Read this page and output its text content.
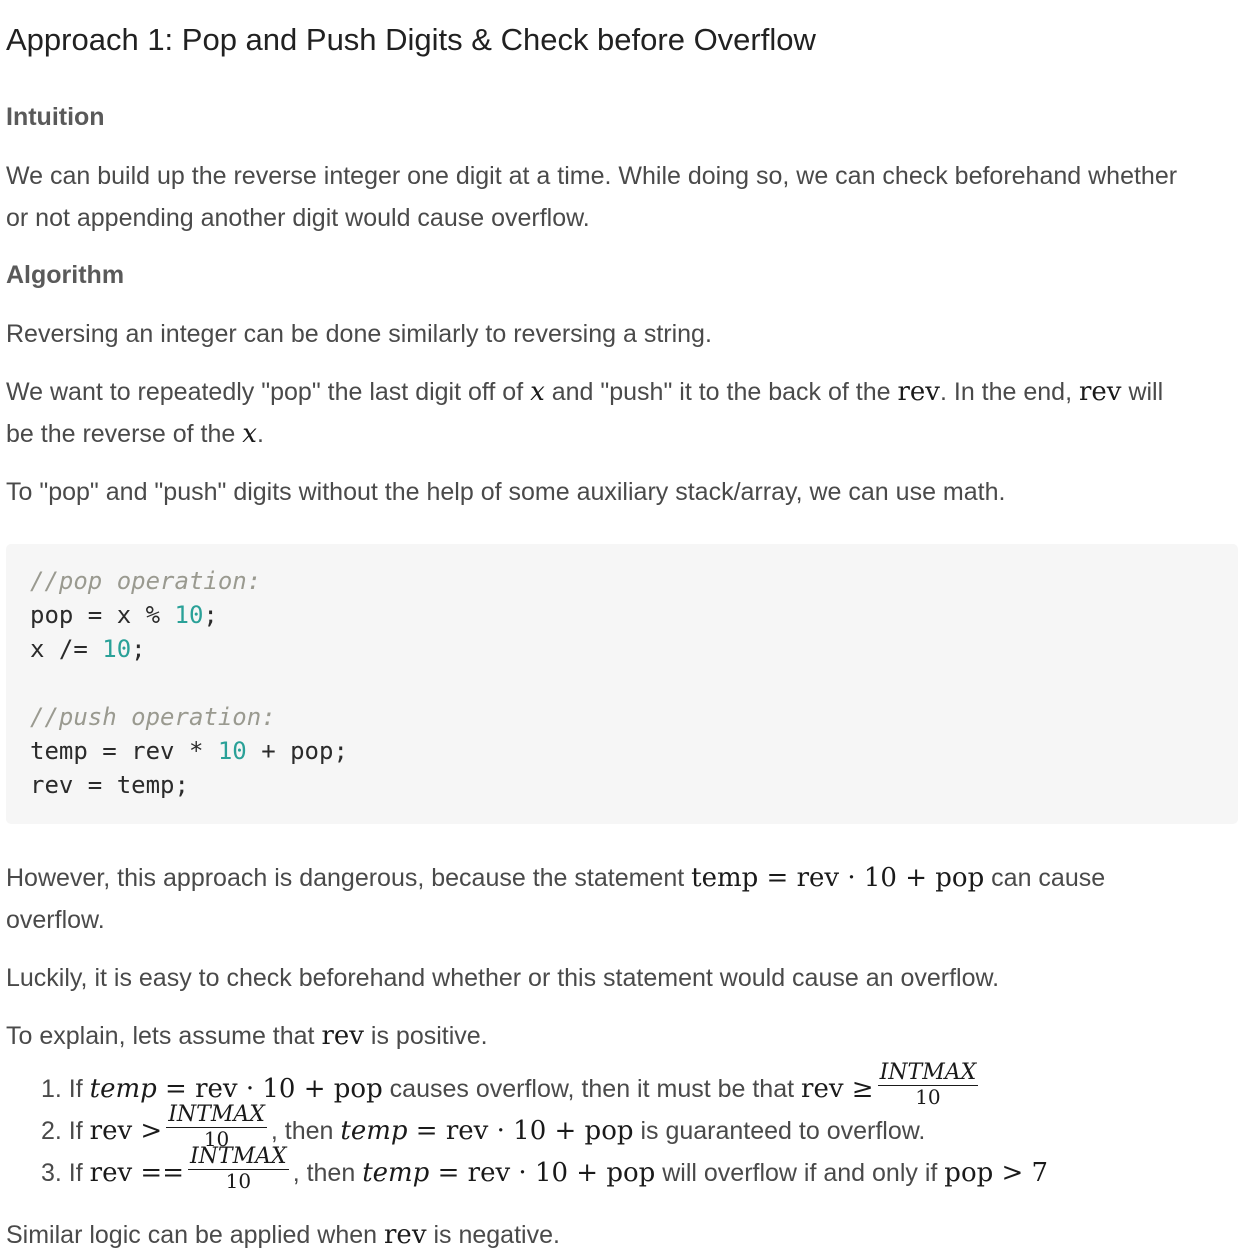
Approach 1: Pop and Push Digits & Check before Overflow
Intuition
We can build up the reverse integer one digit at a time. While doing so, we can check beforehand whether
or not appending another digit would cause overflow.
Algorithm
Reversing an integer can be done similarly to reversing a string.
We want to repeatedly "pop" the last digit off of x and "push" it to the back of the rev. In the end, rev will
be the reverse of the x.
To "pop" and "push" digits without the help of some auxiliary stack/array, we can use math.
//pop operation:
pop = x % 10;
x /= 10;

//push operation:
temp = rev * 10 + pop;
rev = temp;
However, this approach is dangerous, because the statement temp = rev · 10 + pop can cause
overflow.
Luckily, it is easy to check beforehand whether or this statement would cause an overflow.
To explain, lets assume that rev is positive.
1. If temp = rev · 10 + pop causes overflow, then it must be that rev ≥ $\frac{\text{INTMAX}}{10}$
2. If rev > $\frac{\text{INTMAX}}{10}$ , then temp = rev · 10 + pop is guaranteed to overflow.
3. If rev == $\frac{\text{INTMAX}}{10}$ , then temp = rev · 10 + pop will overflow if and only if pop > 7
Similar logic can be applied when rev is negative.
